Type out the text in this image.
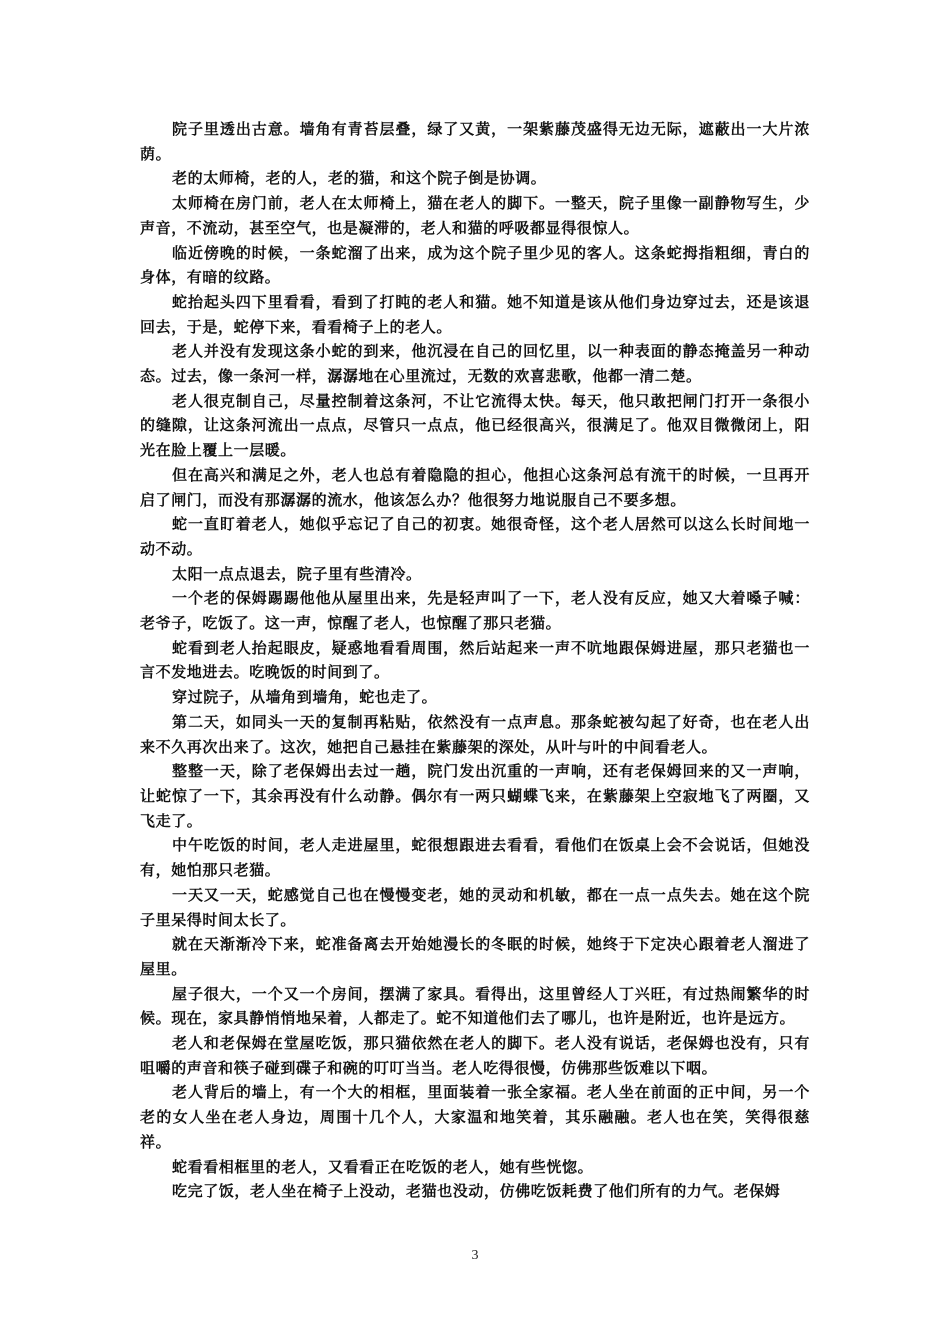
院子里透出古意。墙角有青苔层叠，绿了又黄，一架紫藤茂盛得无边无际，遮蔽出一大片浓荫。

老的太师椅，老的人，老的猫，和这个院子倒是协调。

太师椅在房门前，老人在太师椅上，猫在老人的脚下。一整天，院子里像一副静物写生，少声音，不流动，甚至空气，也是凝滞的，老人和猫的呼吸都显得很惊人。

临近傍晚的时候，一条蛇溜了出来，成为这个院子里少见的客人。这条蛇拇指粗细，青白的身体，有暗的纹路。

蛇抬起头四下里看看，看到了打盹的老人和猫。她不知道是该从他们身边穿过去，还是该退回去，于是，蛇停下来，看看椅子上的老人。

老人并没有发现这条小蛇的到来，他沉浸在自己的回忆里，以一种表面的静态掩盖另一种动态。过去，像一条河一样，潺潺地在心里流过，无数的欢喜悲歌，他都一清二楚。

老人很克制自己，尽量控制着这条河，不让它流得太快。每天，他只敢把闸门打开一条很小的缝隙，让这条河流出一点点，尽管只一点点，他已经很高兴，很满足了。他双目微微闭上，阳光在脸上覆上一层暖。

但在高兴和满足之外，老人也总有着隐隐的担心，他担心这条河总有流干的时候，一旦再开启了闸门，而没有那潺潺的流水，他该怎么办？他很努力地说服自己不要多想。

蛇一直盯着老人，她似乎忘记了自己的初衷。她很奇怪，这个老人居然可以这么长时间地一动不动。

太阳一点点退去，院子里有些清冷。

一个老的保姆踢踢他他从屋里出来，先是轻声叫了一下，老人没有反应，她又大着嗓子喊：老爷子，吃饭了。这一声，惊醒了老人，也惊醒了那只老猫。

蛇看到老人抬起眼皮，疑惑地看看周围，然后站起来一声不吭地跟保姆进屋，那只老猫也一言不发地进去。吃晚饭的时间到了。

穿过院子，从墙角到墙角，蛇也走了。

第二天，如同头一天的复制再粘贴，依然没有一点声息。那条蛇被勾起了好奇，也在老人出来不久再次出来了。这次，她把自己悬挂在紫藤架的深处，从叶与叶的中间看老人。

整整一天，除了老保姆出去过一趟，院门发出沉重的一声响，还有老保姆回来的又一声响，让蛇惊了一下，其余再没有什么动静。偶尔有一两只蝴蝶飞来，在紫藤架上空寂地飞了两圈，又飞走了。

中午吃饭的时间，老人走进屋里，蛇很想跟进去看看，看他们在饭桌上会不会说话，但她没有，她怕那只老猫。

一天又一天，蛇感觉自己也在慢慢变老，她的灵动和机敏，都在一点一点失去。她在这个院子里呆得时间太长了。

就在天渐渐冷下来，蛇准备离去开始她漫长的冬眠的时候，她终于下定决心跟着老人溜进了屋里。

屋子很大，一个又一个房间，摆满了家具。看得出，这里曾经人丁兴旺，有过热闹繁华的时候。现在，家具静悄悄地呆着，人都走了。蛇不知道他们去了哪儿，也许是附近，也许是远方。

老人和老保姆在堂屋吃饭，那只猫依然在老人的脚下。老人没有说话，老保姆也没有，只有咀嚼的声音和筷子碰到碟子和碗的叮叮当当。老人吃得很慢，仿佛那些饭难以下咽。

老人背后的墙上，有一个大的相框，里面装着一张全家福。老人坐在前面的正中间，另一个老的女人坐在老人身边，周围十几个人，大家温和地笑着，其乐融融。老人也在笑，笑得很慈祥。

蛇看看相框里的老人，又看看正在吃饭的老人，她有些恍惚。

吃完了饭，老人坐在椅子上没动，老猫也没动，仿佛吃饭耗费了他们所有的力气。老保姆

3
